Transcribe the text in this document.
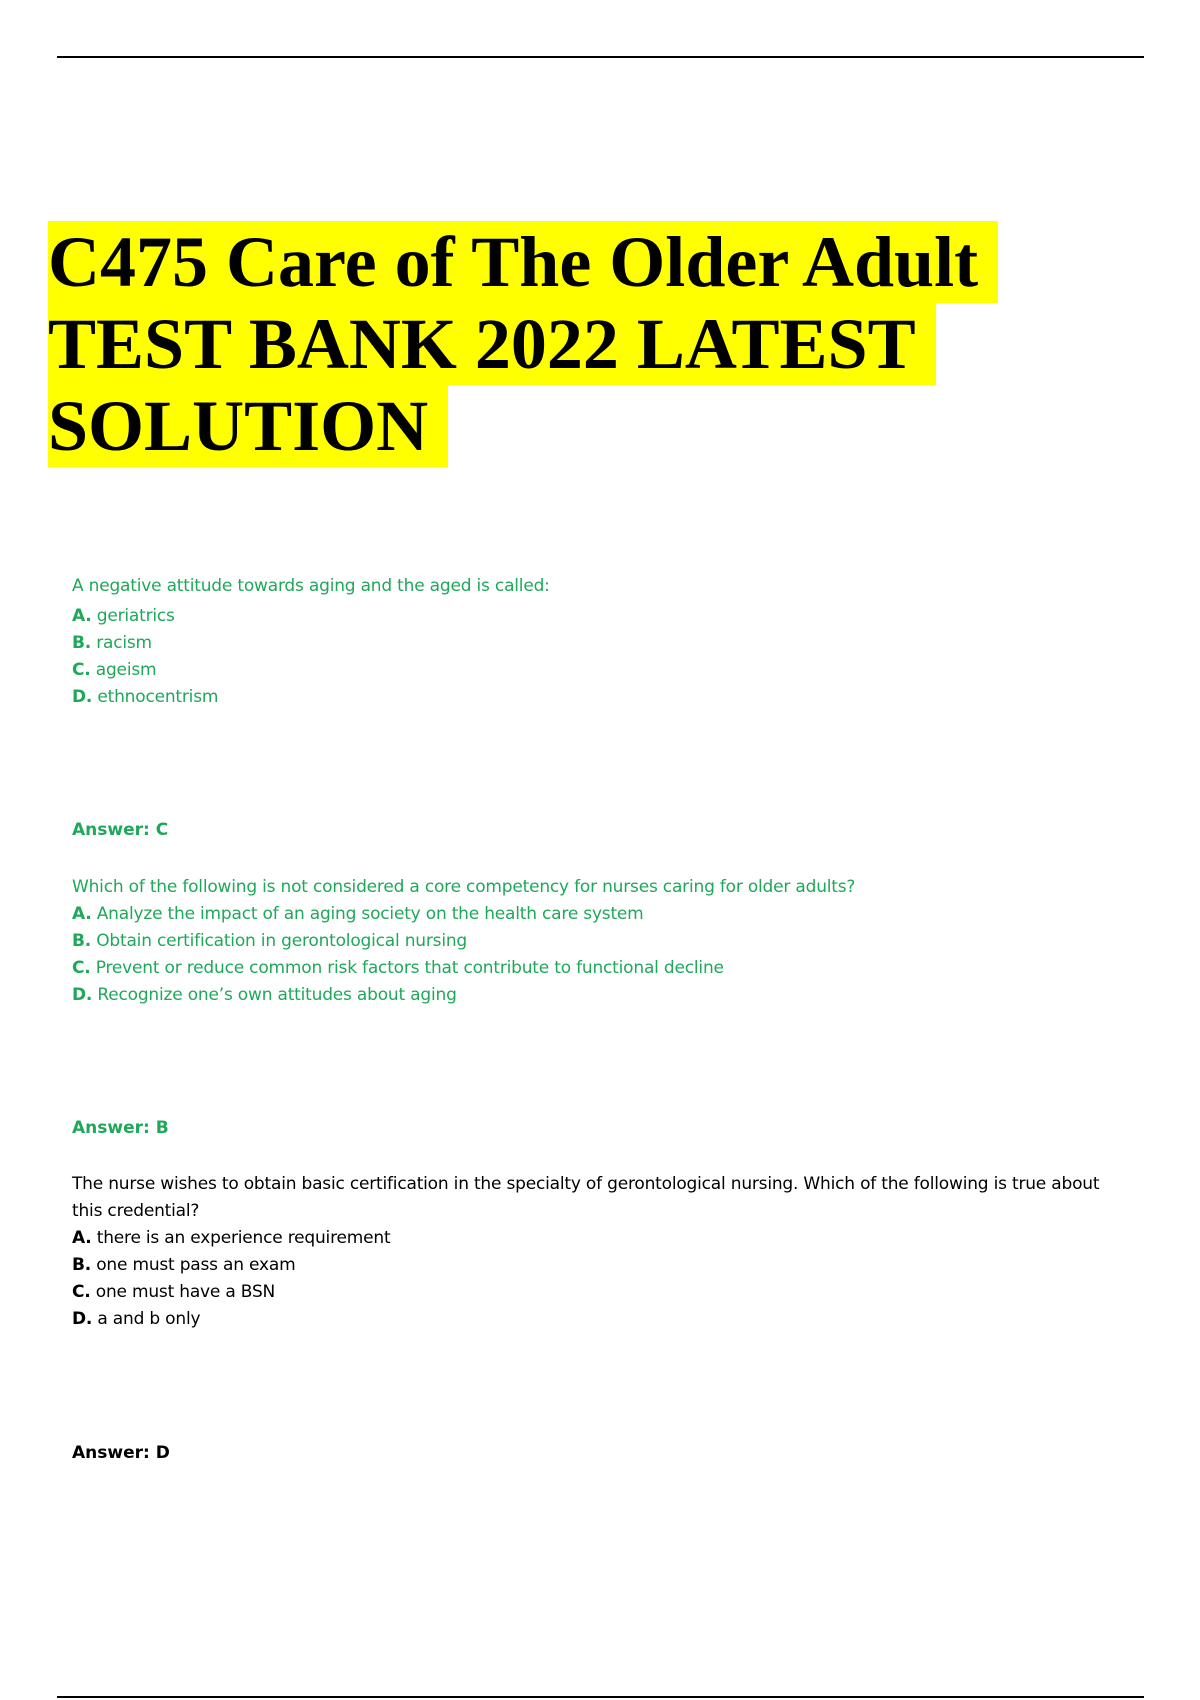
C475 Care of The Older Adult
TEST BANK 2022 LATEST
SOLUTION

A negative attitude towards aging and the aged is called:

A. geriatrics

B. racism

C. ageism

D. ethnocentrism

Answer: C

Which of the following is not considered a core competency for nurses caring for older adults?

A. Analyze the impact of an aging society on the health care system

B. Obtain certification in gerontological nursing

C. Prevent or reduce common risk factors that contribute to functional decline

D. Recognize one’s own attitudes about aging

Answer: B

The nurse wishes to obtain basic certification in the specialty of gerontological nursing. Which of the following is true about this credential?

A. there is an experience requirement

B. one must pass an exam

C. one must have a BSN

D. a and b only

Answer: D
